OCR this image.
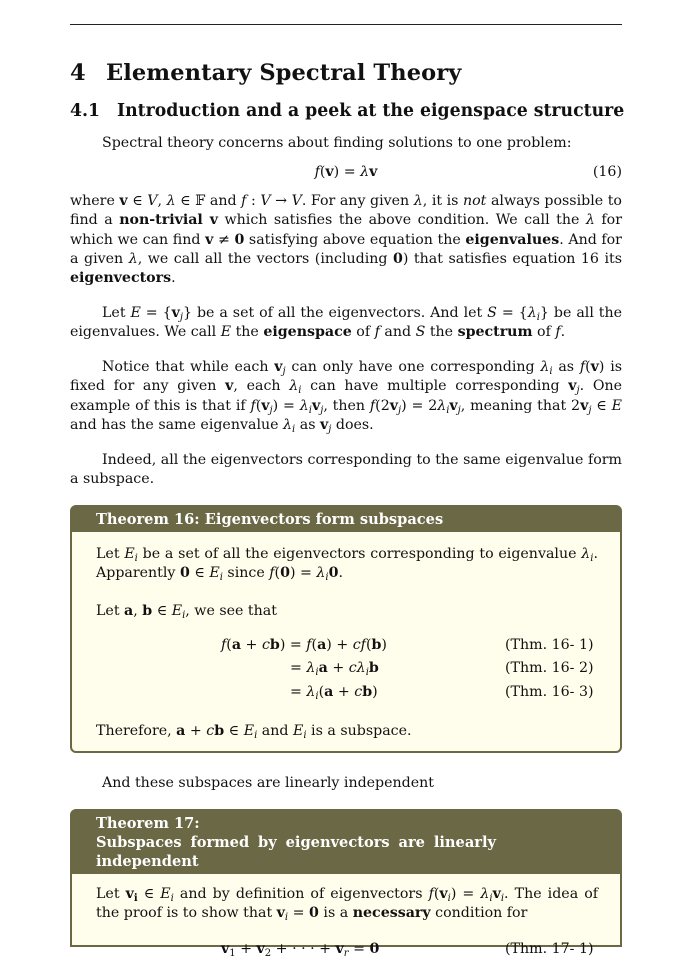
4 Elementary Spectral Theory
4.1 Introduction and a peek at the eigenspace structure
Spectral theory concerns about finding solutions to one problem:
f(v) = λv	(16)
where v ∈ V, λ ∈ 𝔽 and f : V → V. For any given λ, it is not always possible to find a non-trivial v which satisfies the above condition. We call the λ for which we can find v ≠ 0 satisfying above equation the eigenvalues. And for a given λ, we call all the vectors (including 0) that satisfies equation 16 its eigenvectors.
Let $E = \{v_j\}$ be a set of all the eigenvectors. And let $S = \{\lambda_i\}$ be all the eigenvalues. We call E the eigenspace of f and S the spectrum of f.
Notice that while each $v_j$ can only have one corresponding $\lambda_i$ as f(v) is fixed for any given v, each $\lambda_i$ can have multiple corresponding $v_j$. One example of this is that if $f(v_j) = \lambda_iv_j$, then $f(2v_j) = 2\lambda_iv_j$, meaning that $2v_j$ ∈ E and has the same eigenvalue $\lambda_i$ as $v_j$ does.
Indeed, all the eigenvectors corresponding to the same eigenvalue form a subspace.
Theorem 16: Eigenvectors form subspaces
Let $E_i$ be a set of all the eigenvectors corresponding to eigenvalue $\lambda_i$. Apparently 0 ∈ $E_i$ since $f(0) = \lambda_i0$.
Let a, b ∈ $E_i$, we see that
f(a + cb) = f(a) + cf(b)
= $\lambda_ia + c\lambda_ib$
= $\lambda_i(a + cb)$
(Thm. 16- 1)
(Thm. 16- 2)
(Thm. 16- 3)
Therefore, a + cb ∈ $E_i$ and $E_i$ is a subspace.
And these subspaces are linearly independent
Theorem 17: Subspaces formed by eigenvectors are linearly independent
Let $v_i$ ∈ $E_i$ and by definition of eigenvectors $f(v_i) = \lambda_iv_i$. The idea of the proof is to show that $v_i = 0$ is a necessary condition for
$v_1 + v_2$ + · · · + $v_r = 0$	(Thm. 17- 1)
